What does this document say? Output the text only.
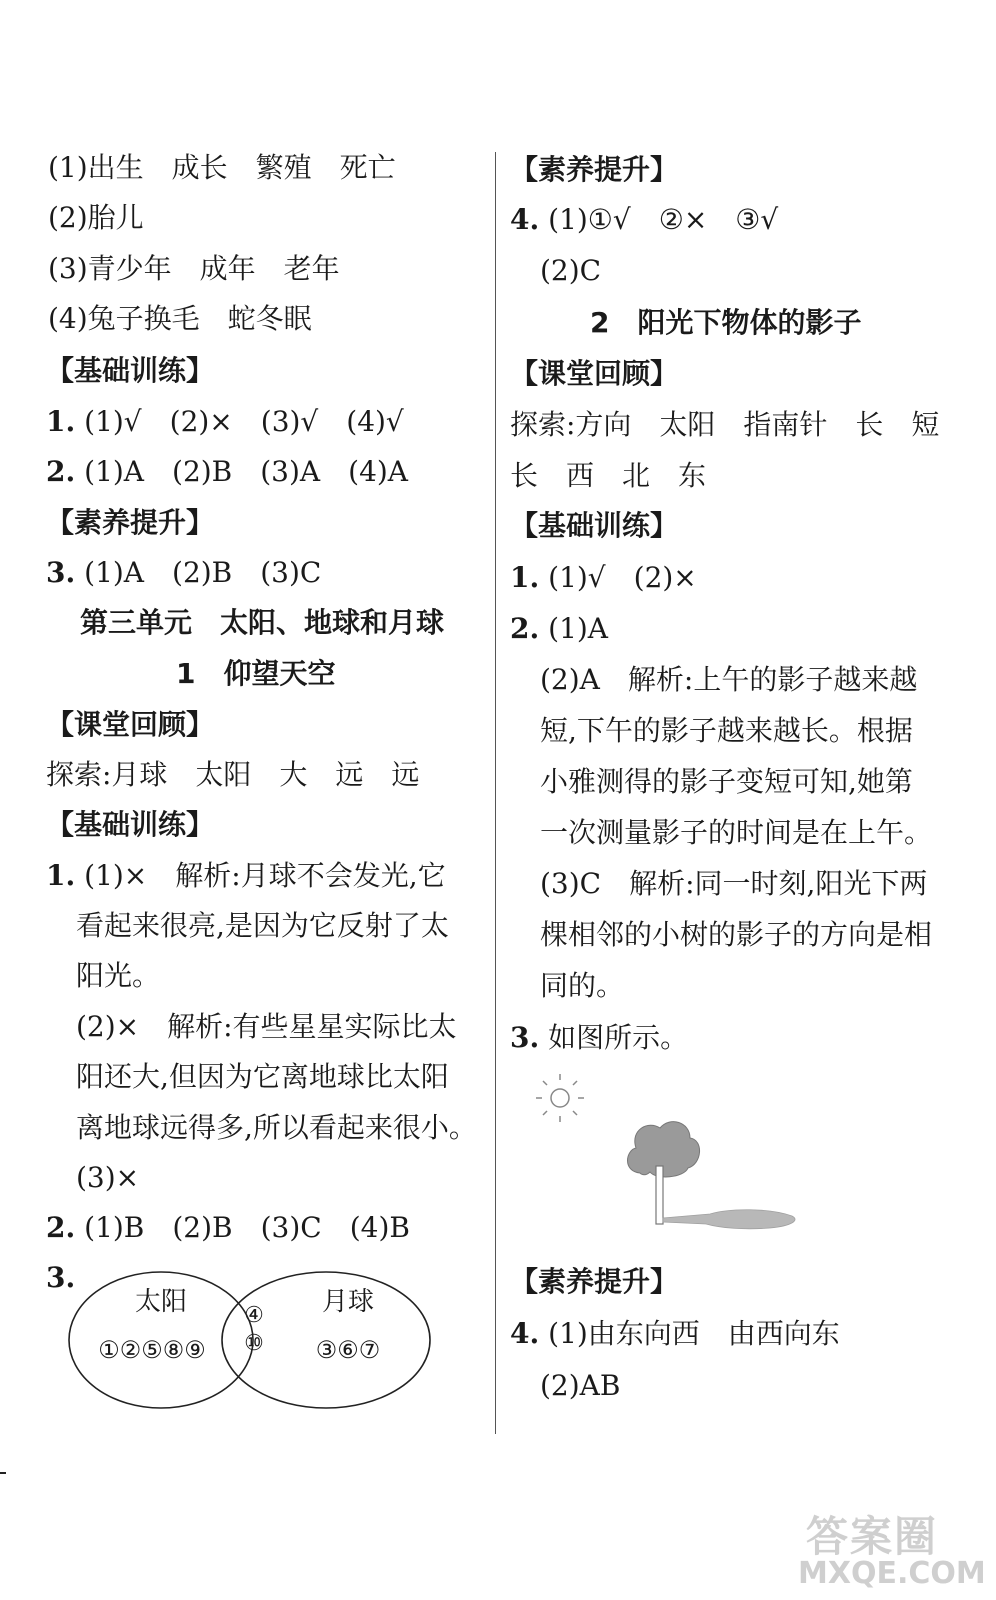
(1)出生　成长　繁殖　死亡
(2)胎儿
(3)青少年　成年　老年
(4)兔子换毛　蛇冬眠
【基础训练】
1. (1)√　(2)×　(3)√　(4)√
2. (1)A　(2)B　(3)A　(4)A
【素养提升】
3. (1)A　(2)B　(3)C
第三单元　太阳、地球和月球
1　仰望天空
【课堂回顾】
探索:月球　太阳　大　远　远
【基础训练】
1. (1)×　解析:月球不会发光,它
看起来很亮,是因为它反射了太
阳光。
(2)×　解析:有些星星实际比太
阳还大,但因为它离地球比太阳
离地球远得多,所以看起来很小。
(3)×
2. (1)B　(2)B　(3)C　(4)B
3.
太阳
①②⑤⑧⑨
④
⑩
月球
③⑥⑦
【素养提升】
4. (1)①√　②×　③√
(2)C
2　阳光下物体的影子
【课堂回顾】
探索:方向　太阳　指南针　长　短
长　西　北　东
【基础训练】
1. (1)√　(2)×
2. (1)A
(2)A　解析:上午的影子越来越
短,下午的影子越来越长。根据
小雅测得的影子变短可知,她第
一次测量影子的时间是在上午。
(3)C　解析:同一时刻,阳光下两
棵相邻的小树的影子的方向是相
同的。
3. 如图所示。
【素养提升】
4. (1)由东向西　由西向东
(2)AB
答案圈
MXQE.COM
